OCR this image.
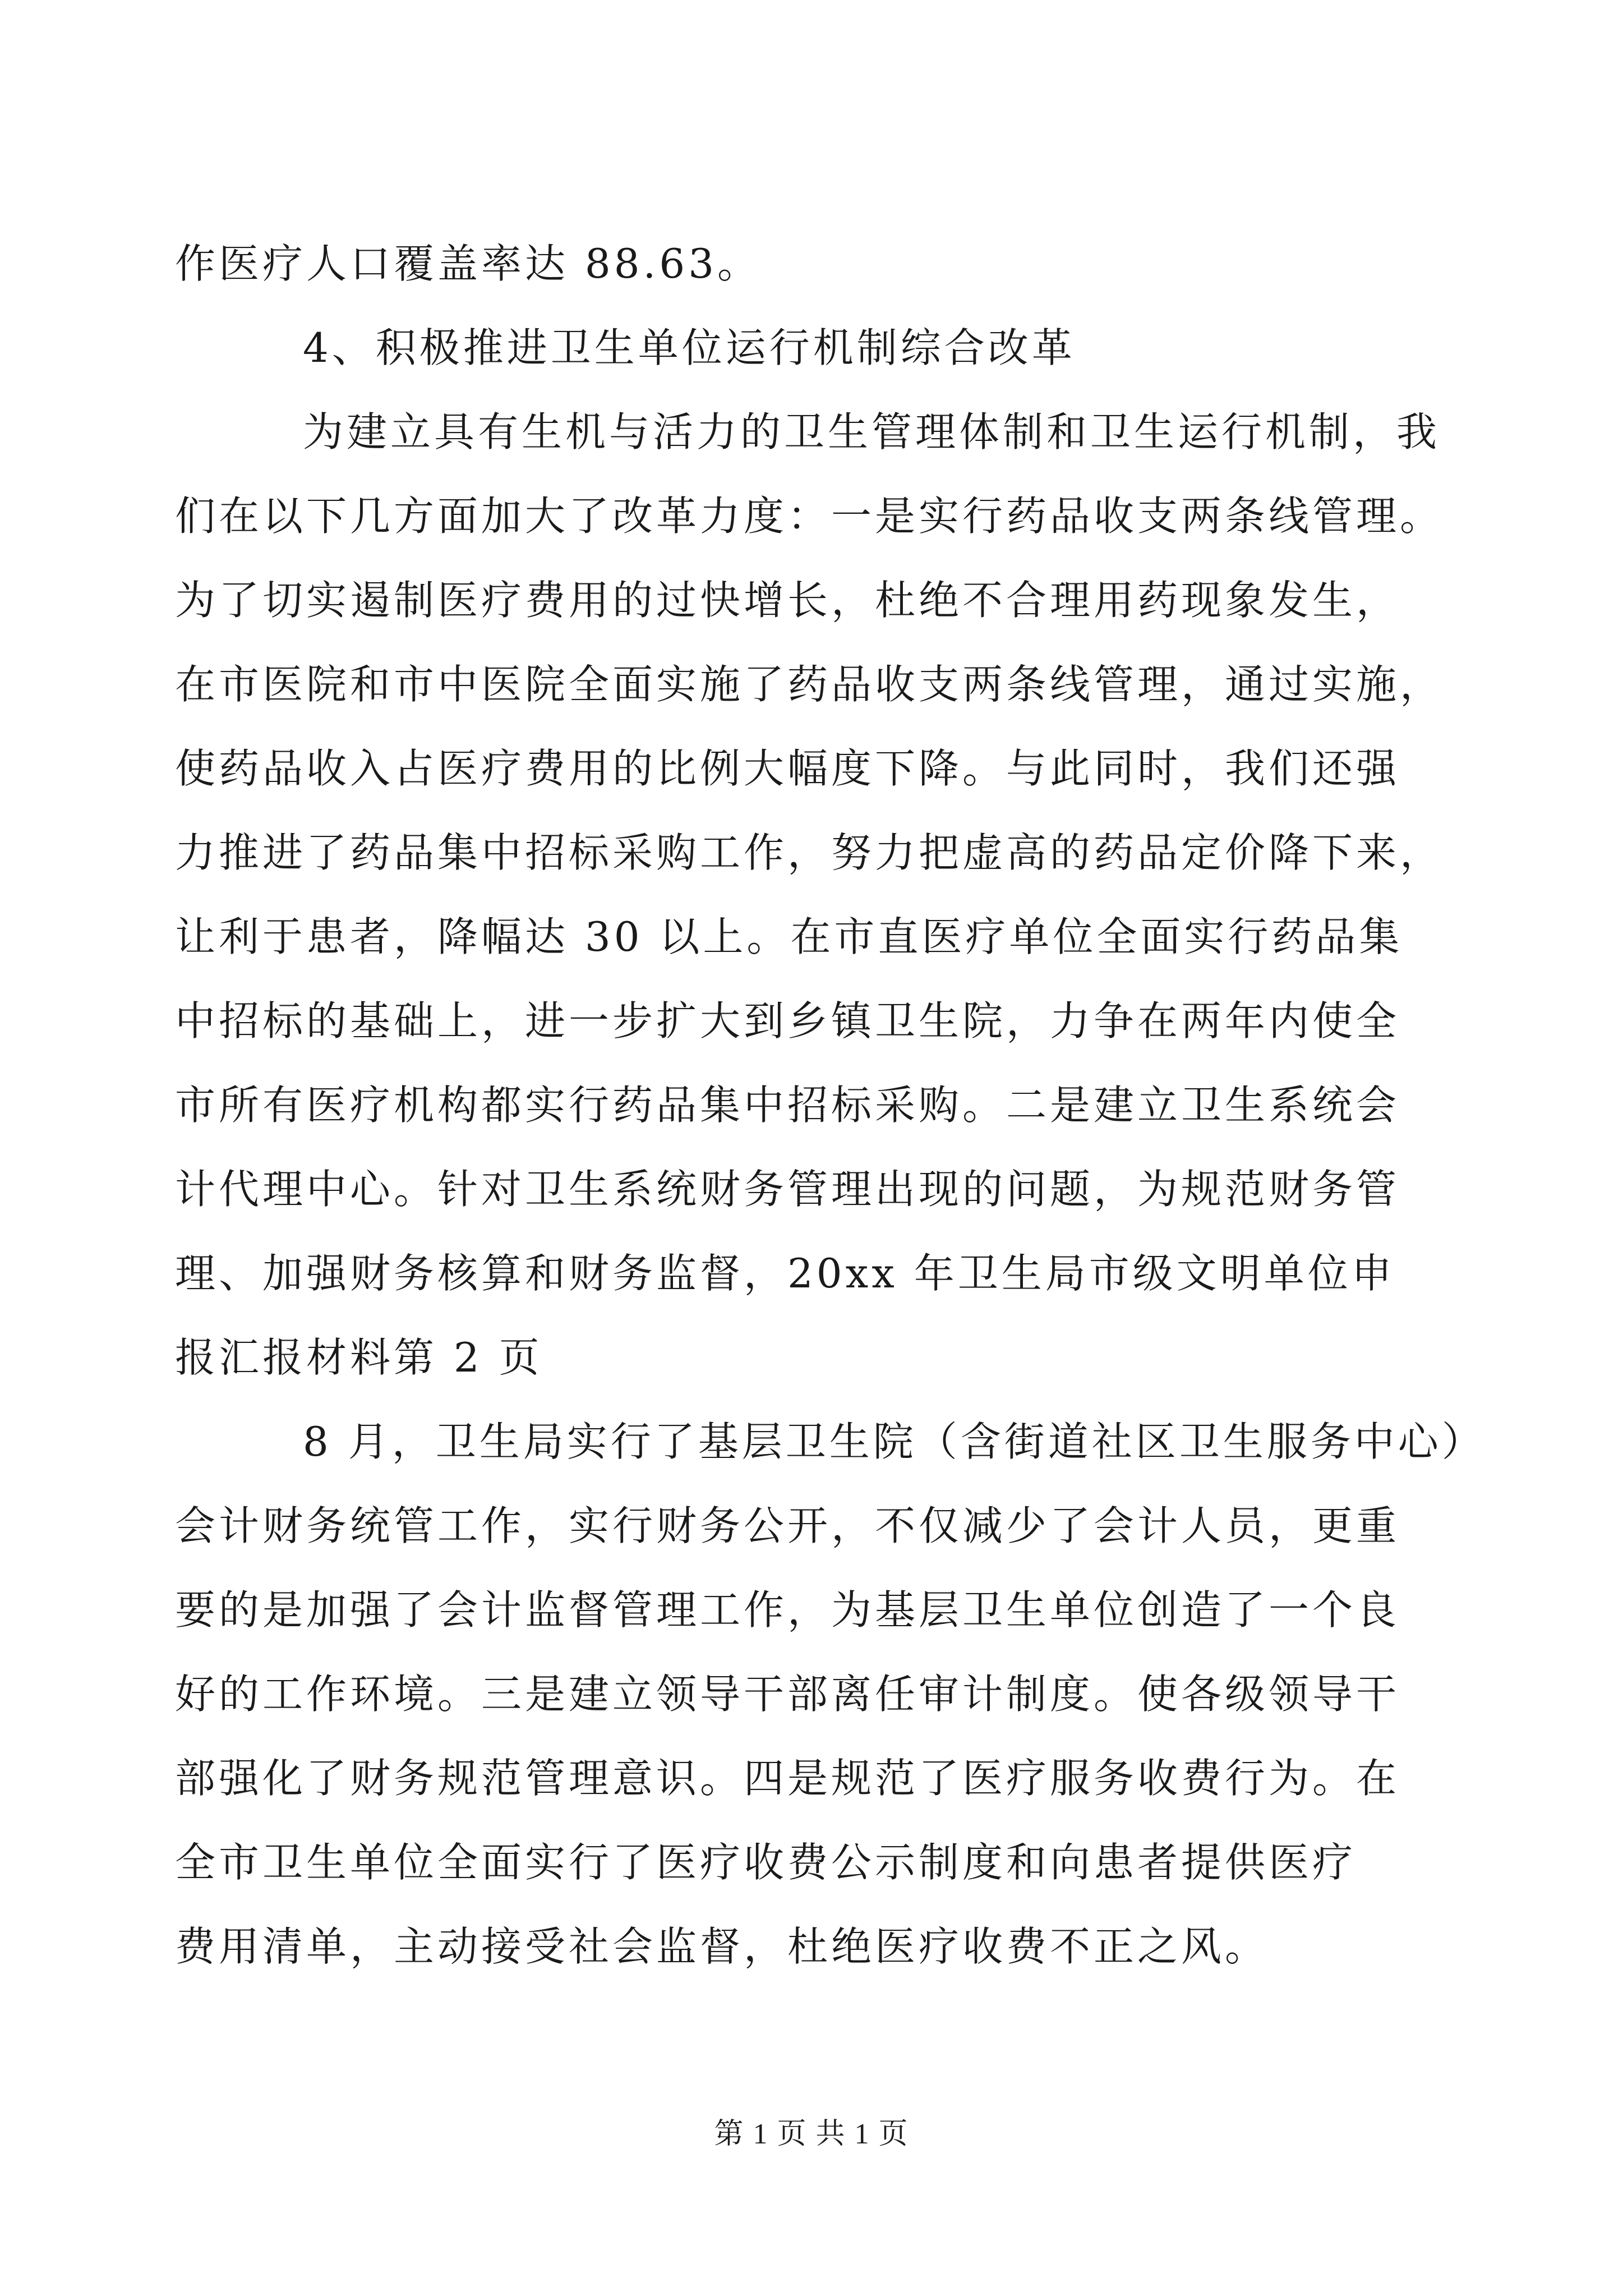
作医疗人口覆盖率达 88.63。
4、积极推进卫生单位运行机制综合改革
为建立具有生机与活力的卫生管理体制和卫生运行机制，我
们在以下几方面加大了改革力度：一是实行药品收支两条线管理。
为了切实遏制医疗费用的过快增长，杜绝不合理用药现象发生，
在市医院和市中医院全面实施了药品收支两条线管理，通过实施，
使药品收入占医疗费用的比例大幅度下降。与此同时，我们还强
力推进了药品集中招标采购工作，努力把虚高的药品定价降下来，
让利于患者，降幅达 30 以上。在市直医疗单位全面实行药品集
中招标的基础上，进一步扩大到乡镇卫生院，力争在两年内使全
市所有医疗机构都实行药品集中招标采购。二是建立卫生系统会
计代理中心。针对卫生系统财务管理出现的问题，为规范财务管
理、加强财务核算和财务监督，20xx 年卫生局市级文明单位申
报汇报材料第 2 页
8 月，卫生局实行了基层卫生院（含街道社区卫生服务中心）
会计财务统管工作，实行财务公开，不仅减少了会计人员，更重
要的是加强了会计监督管理工作，为基层卫生单位创造了一个良
好的工作环境。三是建立领导干部离任审计制度。使各级领导干
部强化了财务规范管理意识。四是规范了医疗服务收费行为。在
全市卫生单位全面实行了医疗收费公示制度和向患者提供医疗
费用清单，主动接受社会监督，杜绝医疗收费不正之风。
第 1 页 共 1 页
